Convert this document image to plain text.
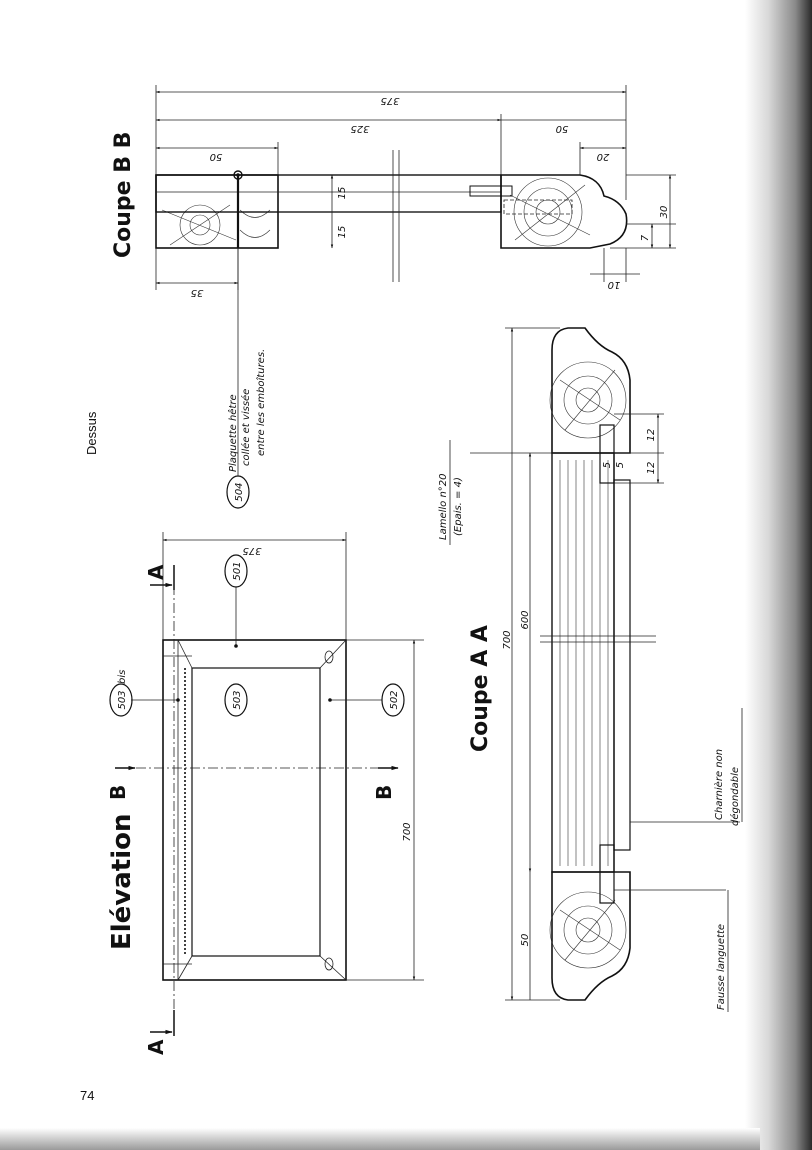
Dessus
74
Elévation
B	B
A
A
375
700
501
502
503
503
bis
504
Plaquette hêtre collée et vissée entre les emboîtures.
Coupe A A 700
600
50
12
12
5 5
Lamello n°20 (Epais. = 4)
Charnière non dégondable
Fausse languette
Coupe B B
375
325	50
50	20
15
15
30
7
35
10
